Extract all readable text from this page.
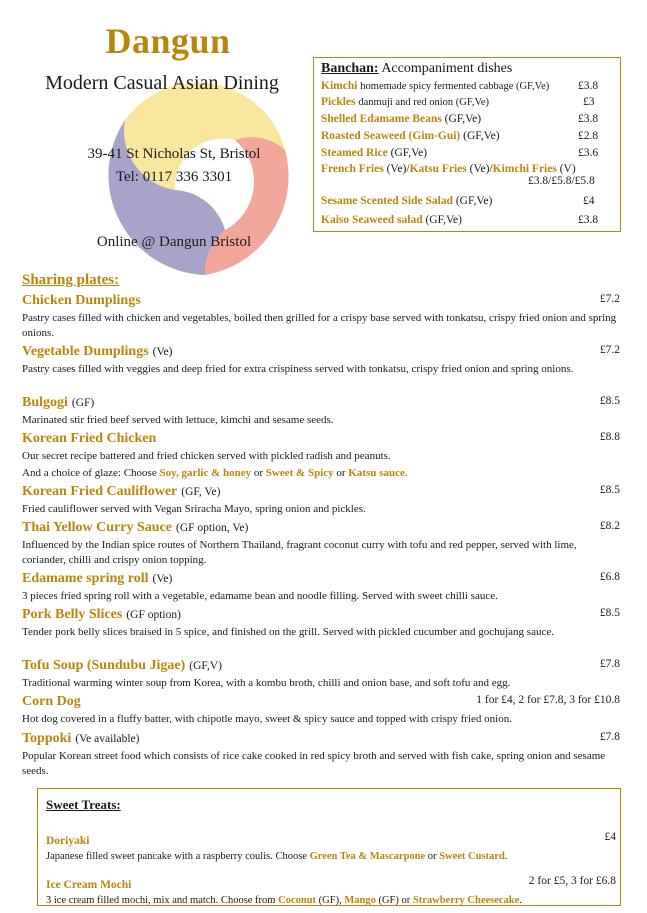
Dangun
Modern Casual Asian Dining
39-41 St Nicholas St, Bristol
Tel: 0117 336 3301
Online @ Dangun Bristol
Banchan: Accompaniment dishes
Kimchi homemade spicy fermented cabbage (GF,Ve) £3.8
Pickles danmuji and red onion (GF,Ve)	£3
Shelled Edamame Beans (GF,Ve)	£3.8
Roasted Seaweed (Gim-Gui) (GF,Ve)	£2.8
Steamed Rice (GF,Ve)	£3.6
French Fries (Ve)/Katsu Fries (Ve)/Kimchi Fries (V)
£3.8/£5.8/£5.8
Sesame Scented Side Salad (GF,Ve)	£4
Kaiso Seaweed salad (GF,Ve)	£3.8
Sharing plates:
Chicken Dumplings	£7.2
Pastry cases filled with chicken and vegetables, boiled then grilled for a crispy base served with tonkatsu, crispy fried onion and spring onions.
Vegetable Dumplings (Ve)	£7.2
Pastry cases filled with veggies and deep fried for extra crispiness served with tonkatsu, crispy fried onion and spring onions.
Bulgogi (GF)	£8.5
Marinated stir fried beef served with lettuce, kimchi and sesame seeds.
Korean Fried Chicken	£8.8
Our secret recipe battered and fried chicken served with pickled radish and peanuts.
And a choice of glaze: Choose Soy, garlic & honey or Sweet & Spicy or Katsu sauce.
Korean Fried Cauliflower (GF, Ve)	£8.5
Fried cauliflower served with Vegan Sriracha Mayo, spring onion and pickles.
Thai Yellow Curry Sauce (GF option, Ve)	£8.2
Influenced by the Indian spice routes of Northern Thailand, fragrant coconut curry with tofu and red pepper, served with lime, coriander, chilli and crispy onion topping.
Edamame spring roll (Ve)	£6.8
3 pieces fried spring roll with a vegetable, edamame bean and noodle filling. Served with sweet chilli sauce.
Pork Belly Slices (GF option)	£8.5
Tender pork belly slices braised in 5 spice, and finished on the grill. Served with pickled cucumber and gochujang sauce.
Tofu Soup (Sundubu Jigae) (GF,V)	£7.8
Traditional warming winter soup from Korea, with a kombu broth, chilli and onion base, and soft tofu and egg.
Corn Dog	1 for £4, 2 for £7.8, 3 for £10.8
Hot dog covered in a fluffy batter, with chipotle mayo, sweet & spicy sauce and topped with crispy fried onion.
Toppoki (Ve available)	£7.8
Popular Korean street food which consists of rice cake cooked in red spicy broth and served with fish cake, spring onion and sesame seeds.
Sweet Treats:
Doriyaki	£4
Japanese filled sweet pancake with a raspberry coulis. Choose Green Tea & Mascarpone or Sweet Custard.
Ice Cream Mochi	2 for £5, 3 for £6.8
3 ice cream filled mochi, mix and match. Choose from Coconut (GF), Mango (GF) or Strawberry Cheesecake.
